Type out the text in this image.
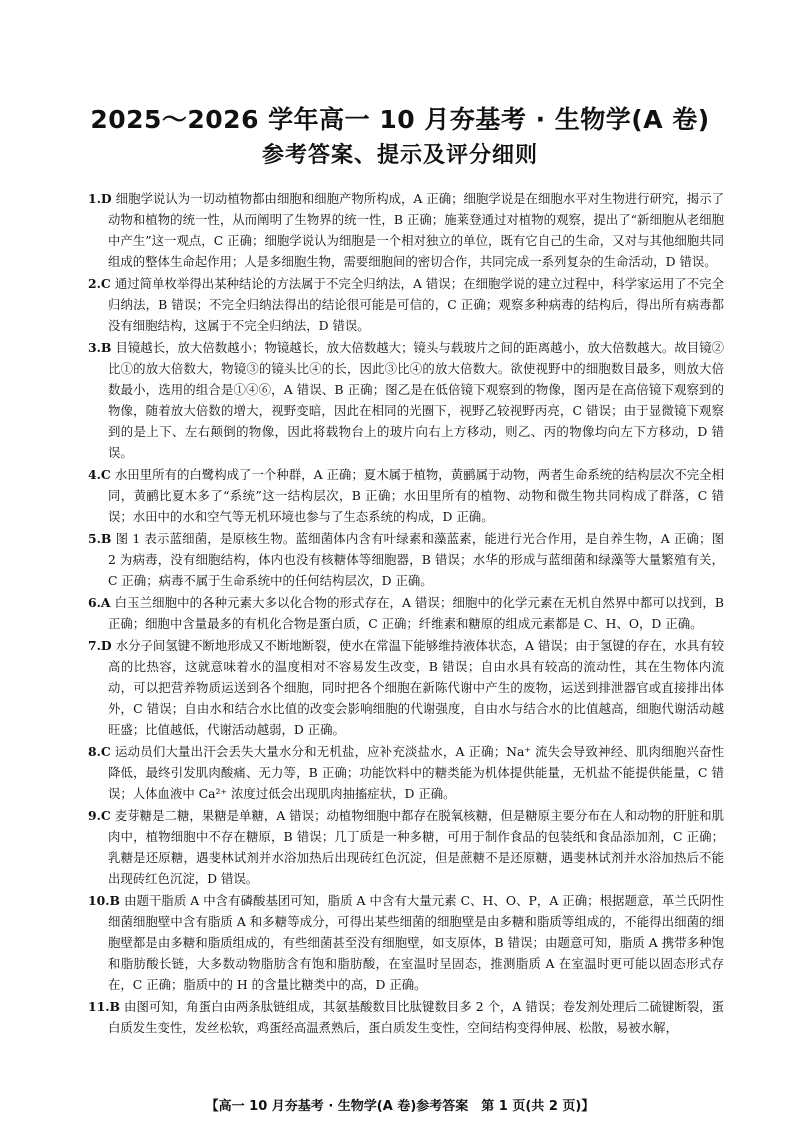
2025～2026 学年高一 10 月夯基考 · 生物学(A 卷)
参考答案、提示及评分细则

1.D 细胞学说认为一切动植物都由细胞和细胞产物所构成，A 正确；细胞学说是在细胞水平对生物进行研究，揭示了动物和植物的统一性，从而阐明了生物界的统一性，B 正确；施莱登通过对植物的观察，提出了“新细胞从老细胞中产生”这一观点，C 正确；细胞学说认为细胞是一个相对独立的单位，既有它自己的生命，又对与其他细胞共同组成的整体生命起作用；人是多细胞生物，需要细胞间的密切合作，共同完成一系列复杂的生命活动，D 错误。

2.C 通过简单枚举得出某种结论的方法属于不完全归纳法，A 错误；在细胞学说的建立过程中，科学家运用了不完全归纳法，B 错误；不完全归纳法得出的结论很可能是可信的，C 正确；观察多种病毒的结构后，得出所有病毒都没有细胞结构，这属于不完全归纳法，D 错误。

3.B 目镜越长，放大倍数越小；物镜越长，放大倍数越大；镜头与载玻片之间的距离越小，放大倍数越大。故目镜②比①的放大倍数大，物镜③的镜头比④的长，因此③比④的放大倍数大。欲使视野中的细胞数目最多，则放大倍数最小，选用的组合是①④⑥，A 错误、B 正确；图乙是在低倍镜下观察到的物像，图丙是在高倍镜下观察到的物像，随着放大倍数的增大，视野变暗，因此在相同的光圈下，视野乙较视野丙亮，C 错误；由于显微镜下观察到的是上下、左右颠倒的物像，因此将载物台上的玻片向右上方移动，则乙、丙的物像均向左下方移动，D 错误。

4.C 水田里所有的白鹭构成了一个种群，A 正确；夏木属于植物，黄鹂属于动物，两者生命系统的结构层次不完全相同，黄鹂比夏木多了“系统”这一结构层次，B 正确；水田里所有的植物、动物和微生物共同构成了群落，C 错误；水田中的水和空气等无机环境也参与了生态系统的构成，D 正确。

5.B 图 1 表示蓝细菌，是原核生物。蓝细菌体内含有叶绿素和藻蓝素，能进行光合作用，是自养生物，A 正确；图 2 为病毒，没有细胞结构，体内也没有核糖体等细胞器，B 错误；水华的形成与蓝细菌和绿藻等大量繁殖有关，C 正确；病毒不属于生命系统中的任何结构层次，D 正确。

6.A 白玉兰细胞中的各种元素大多以化合物的形式存在，A 错误；细胞中的化学元素在无机自然界中都可以找到，B 正确；细胞中含量最多的有机化合物是蛋白质，C 正确；纤维素和糖原的组成元素都是 C、H、O，D 正确。

7.D 水分子间氢键不断地形成又不断地断裂，使水在常温下能够维持液体状态，A 错误；由于氢键的存在，水具有较高的比热容，这就意味着水的温度相对不容易发生改变，B 错误；自由水具有较高的流动性，其在生物体内流动，可以把营养物质运送到各个细胞，同时把各个细胞在新陈代谢中产生的废物，运送到排泄器官或直接排出体外，C 错误；自由水和结合水比值的改变会影响细胞的代谢强度，自由水与结合水的比值越高，细胞代谢活动越旺盛；比值越低，代谢活动越弱，D 正确。

8.C 运动员们大量出汗会丢失大量水分和无机盐，应补充淡盐水，A 正确；Na⁺ 流失会导致神经、肌肉细胞兴奋性降低，最终引发肌肉酸痛、无力等，B 正确；功能饮料中的糖类能为机体提供能量，无机盐不能提供能量，C 错误；人体血液中 Ca²⁺ 浓度过低会出现肌肉抽搐症状，D 正确。

9.C 麦芽糖是二糖，果糖是单糖，A 错误；动植物细胞中都存在脱氧核糖，但是糖原主要分布在人和动物的肝脏和肌肉中，植物细胞中不存在糖原，B 错误；几丁质是一种多糖，可用于制作食品的包装纸和食品添加剂，C 正确；乳糖是还原糖，遇斐林试剂并水浴加热后出现砖红色沉淀，但是蔗糖不是还原糖，遇斐林试剂并水浴加热后不能出现砖红色沉淀，D 错误。

10.B 由题干脂质 A 中含有磷酸基团可知，脂质 A 中含有大量元素 C、H、O、P，A 正确；根据题意，革兰氏阴性细菌细胞壁中含有脂质 A 和多糖等成分，可得出某些细菌的细胞壁是由多糖和脂质等组成的，不能得出细菌的细胞壁都是由多糖和脂质组成的，有些细菌甚至没有细胞壁，如支原体，B 错误；由题意可知，脂质 A 携带多种饱和脂肪酸长链，大多数动物脂肪含有饱和脂肪酸，在室温时呈固态，推测脂质 A 在室温时更可能以固态形式存在，C 正确；脂质中的 H 的含量比糖类中的高，D 正确。

11.B 由图可知，角蛋白由两条肽链组成，其氨基酸数目比肽键数目多 2 个，A 错误；卷发剂处理后二硫键断裂，蛋白质发生变性，发丝松软，鸡蛋经高温煮熟后，蛋白质发生变性，空间结构变得伸展、松散，易被水解，

【高一 10 月夯基考 · 生物学(A 卷)参考答案　第 1 页(共 2 页)】
